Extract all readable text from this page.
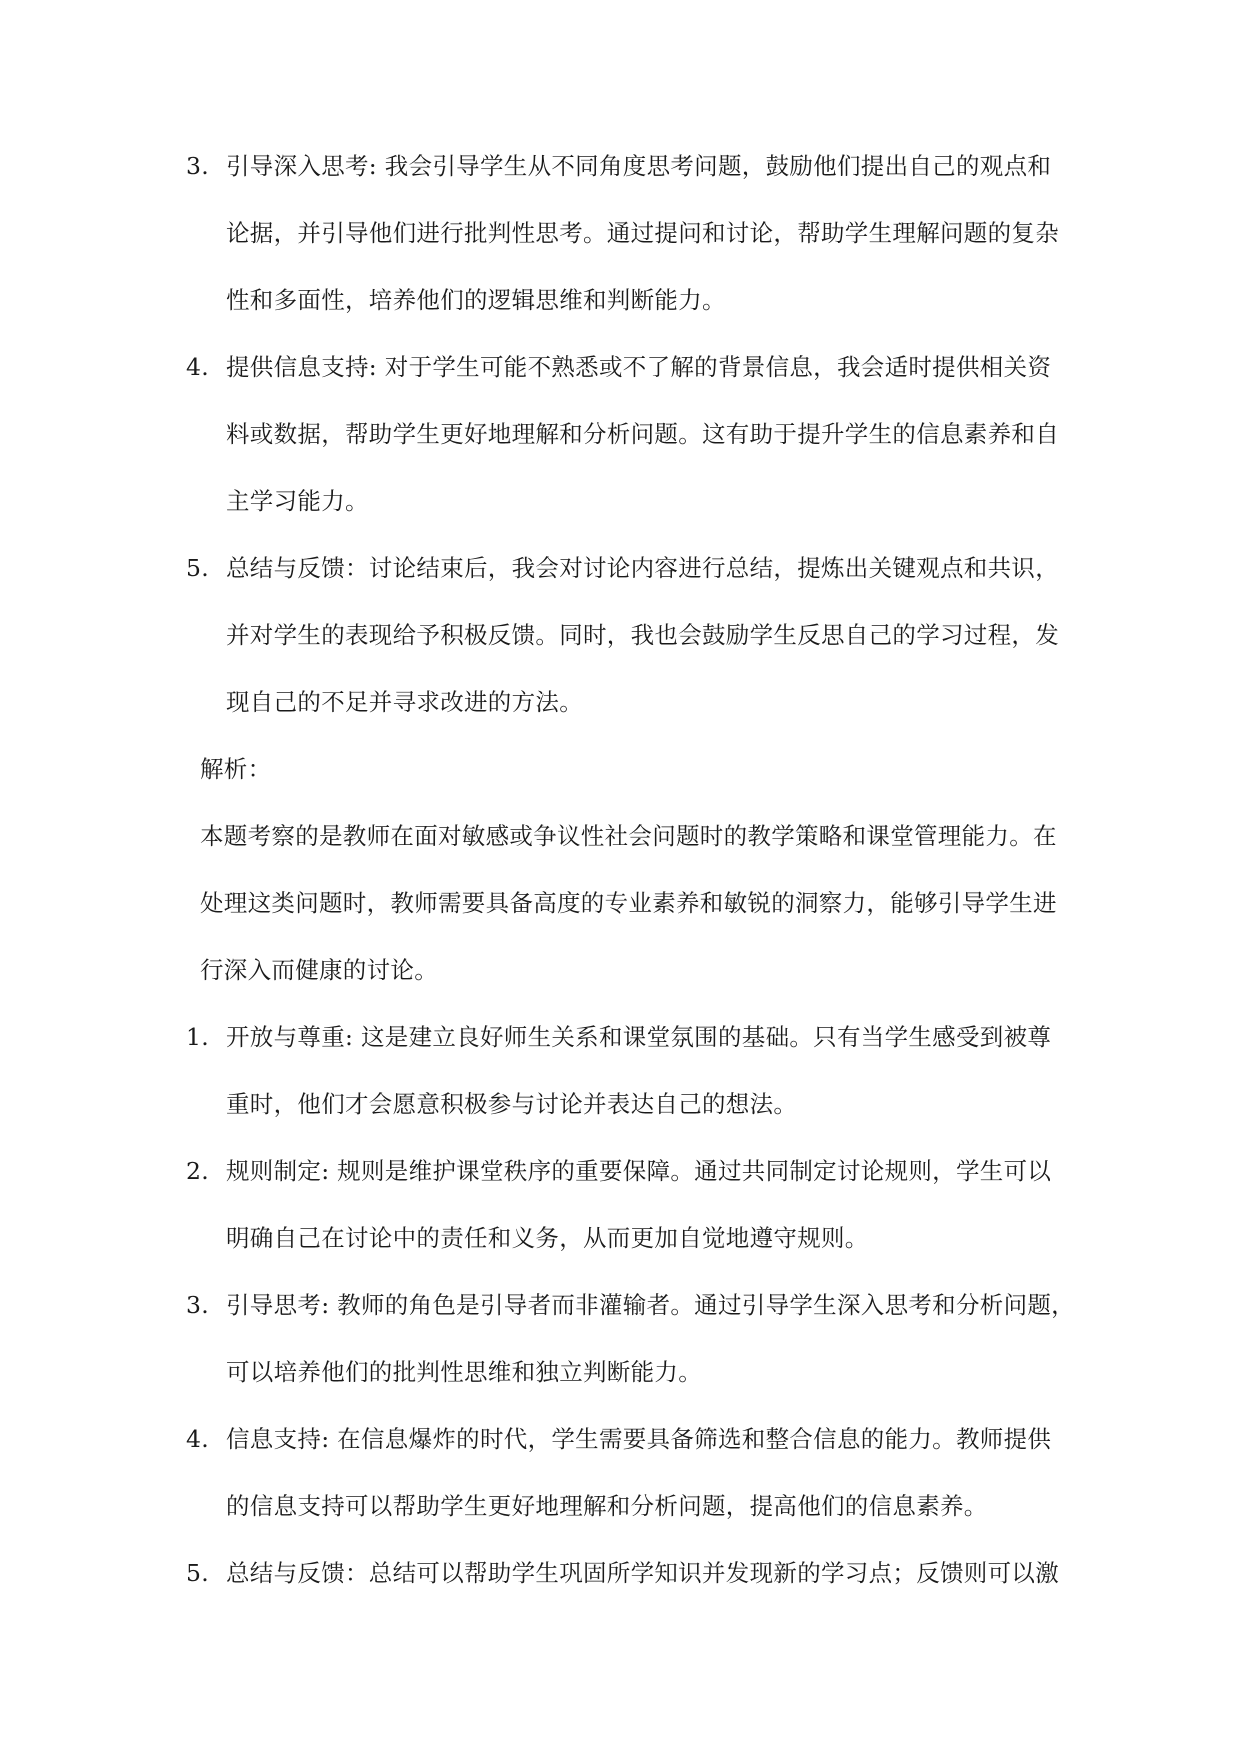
3. 引导深入思考: 我会引导学生从不同角度思考问题，鼓励他们提出自己的观点和
论据，并引导他们进行批判性思考。通过提问和讨论，帮助学生理解问题的复杂
性和多面性，培养他们的逻辑思维和判断能力。
4. 提供信息支持: 对于学生可能不熟悉或不了解的背景信息，我会适时提供相关资
料或数据，帮助学生更好地理解和分析问题。这有助于提升学生的信息素养和自
主学习能力。
5. 总结与反馈：讨论结束后，我会对讨论内容进行总结，提炼出关键观点和共识，
并对学生的表现给予积极反馈。同时，我也会鼓励学生反思自己的学习过程，发
现自己的不足并寻求改进的方法。
解析：
本题考察的是教师在面对敏感或争议性社会问题时的教学策略和课堂管理能力。在
处理这类问题时，教师需要具备高度的专业素养和敏锐的洞察力，能够引导学生进
行深入而健康的讨论。
1. 开放与尊重: 这是建立良好师生关系和课堂氛围的基础。只有当学生感受到被尊
重时，他们才会愿意积极参与讨论并表达自己的想法。
2. 规则制定: 规则是维护课堂秩序的重要保障。通过共同制定讨论规则，学生可以
明确自己在讨论中的责任和义务，从而更加自觉地遵守规则。
3. 引导思考: 教师的角色是引导者而非灌输者。通过引导学生深入思考和分析问题，
可以培养他们的批判性思维和独立判断能力。
4. 信息支持: 在信息爆炸的时代，学生需要具备筛选和整合信息的能力。教师提供
的信息支持可以帮助学生更好地理解和分析问题，提高他们的信息素养。
5. 总结与反馈：总结可以帮助学生巩固所学知识并发现新的学习点；反馈则可以激
